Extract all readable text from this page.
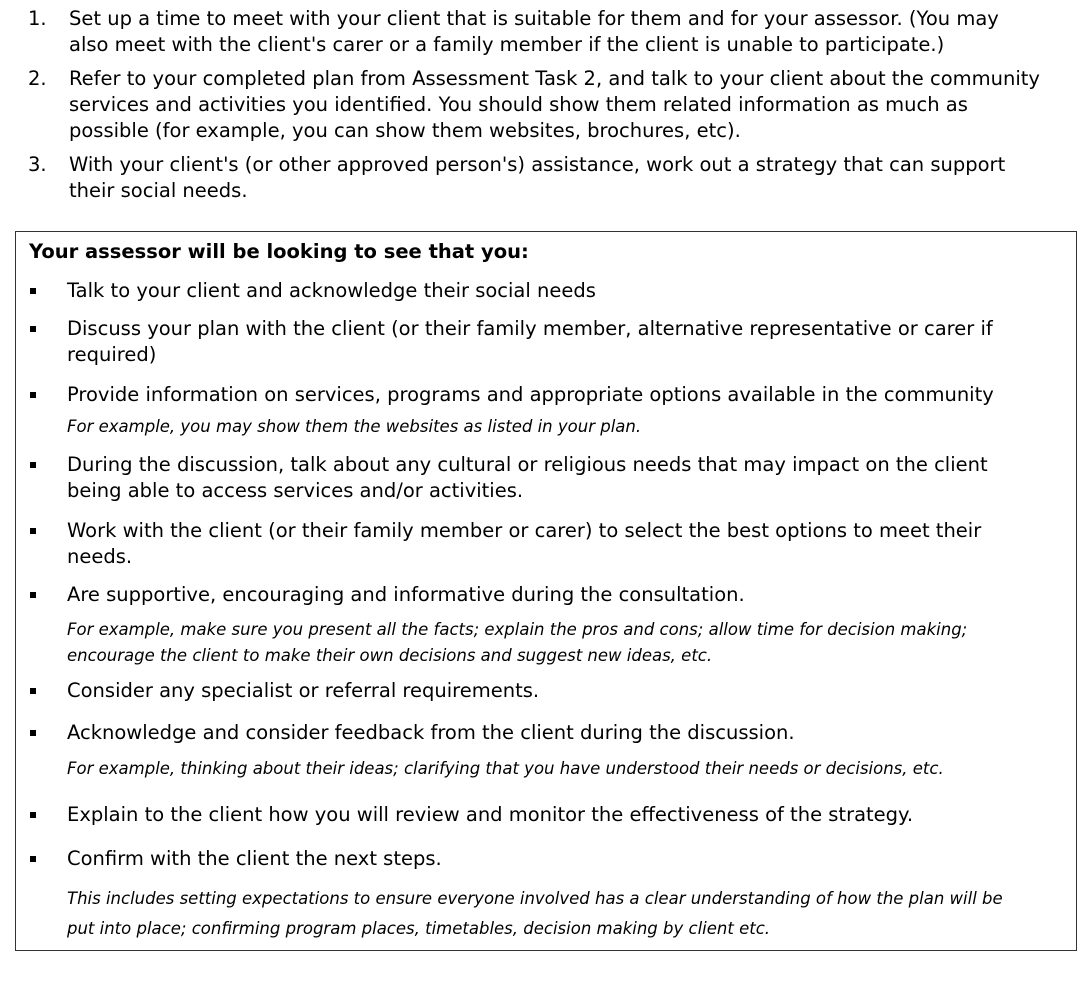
1. Set up a time to meet with your client that is suitable for them and for your assessor. (You may
also meet with the client's carer or a family member if the client is unable to participate.)
2. Refer to your completed plan from Assessment Task 2, and talk to your client about the community
services and activities you identified. You should show them related information as much as
possible (for example, you can show them websites, brochures, etc).
3. With your client's (or other approved person's) assistance, work out a strategy that can support
their social needs.
Your assessor will be looking to see that you:
Talk to your client and acknowledge their social needs
Discuss your plan with the client (or their family member, alternative representative or carer if
required)
Provide information on services, programs and appropriate options available in the community
For example, you may show them the websites as listed in your plan.
During the discussion, talk about any cultural or religious needs that may impact on the client
being able to access services and/or activities.
Work with the client (or their family member or carer) to select the best options to meet their
needs.
Are supportive, encouraging and informative during the consultation.
For example, make sure you present all the facts; explain the pros and cons; allow time for decision making;
encourage the client to make their own decisions and suggest new ideas, etc.
Consider any specialist or referral requirements.
Acknowledge and consider feedback from the client during the discussion.
For example, thinking about their ideas; clarifying that you have understood their needs or decisions, etc.
Explain to the client how you will review and monitor the effectiveness of the strategy.
Confirm with the client the next steps.
This includes setting expectations to ensure everyone involved has a clear understanding of how the plan will be
put into place; confirming program places, timetables, decision making by client etc.
